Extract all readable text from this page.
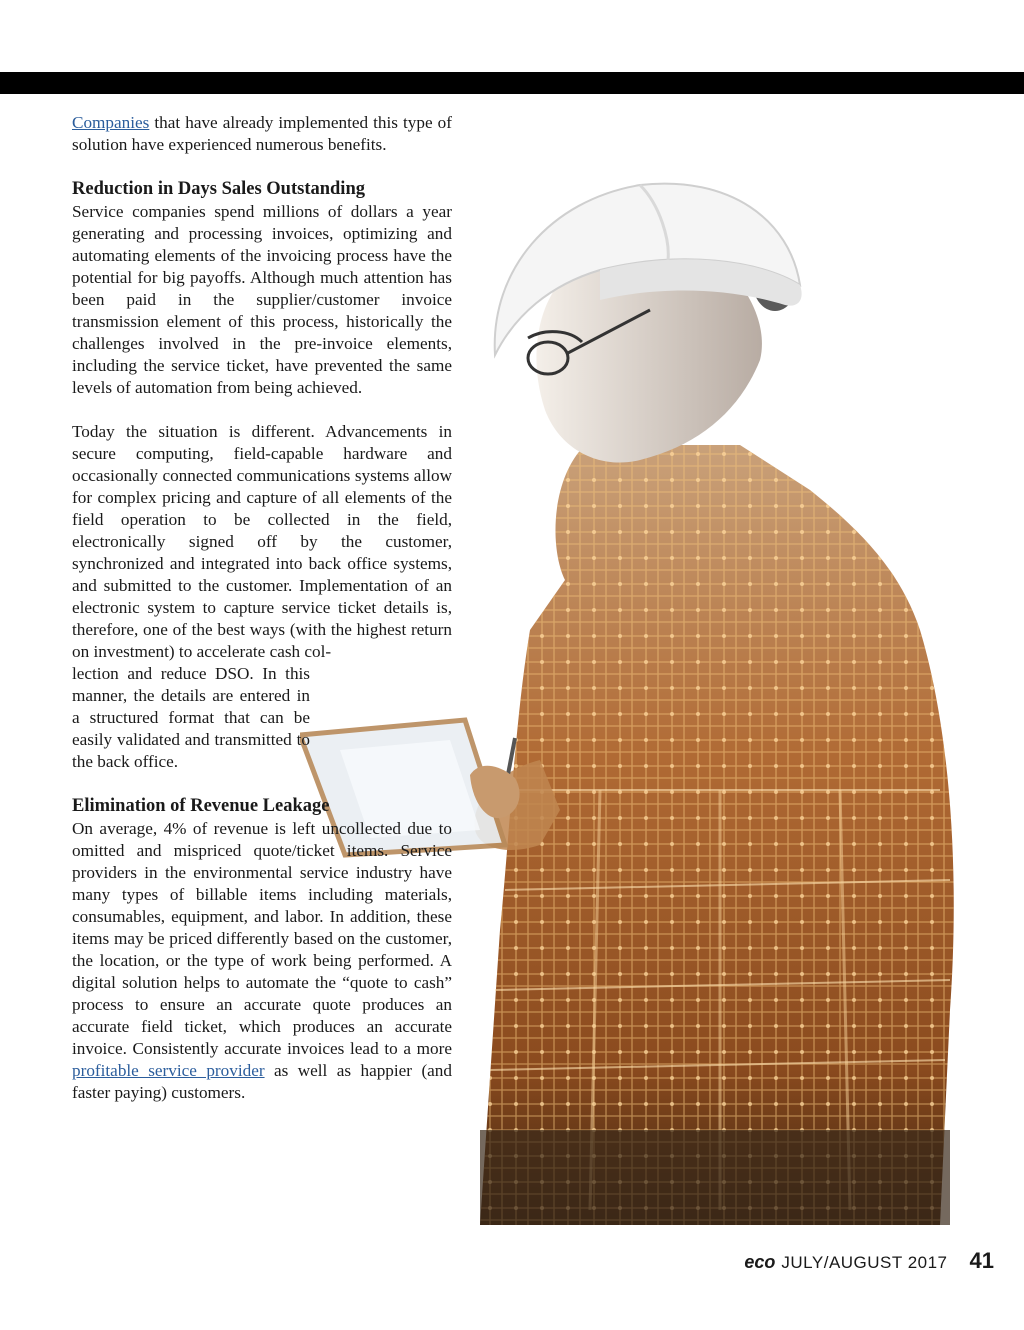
Companies that have already implemented this type of solution have experienced numerous benefits.

Reduction in Days Sales Outstanding

Service companies spend millions of dollars a year generating and processing invoices, optimizing and automating elements of the invoicing process have the potential for big payoffs. Although much attention has been paid in the supplier/customer invoice transmission element of this process, historically the challenges involved in the pre-invoice elements, including the service ticket, have prevented the same levels of automation from being achieved.

Today the situation is different. Advancements in secure computing, field-capable hardware and occasionally connected communications systems allow for complex pricing and capture of all elements of the field operation to be collected in the field, electronically signed off by the customer, synchronized and integrated into back office systems, and submitted to the customer. Implementation of an electronic system to capture service ticket details is, therefore, one of the best ways (with the highest return on investment) to accelerate cash col-

lection and reduce DSO. In this manner, the details are entered in a structured format that can be easily validated and transmitted to the back office.

Elimination of Revenue Leakage

On average, 4% of revenue is left uncollected due to omitted and mispriced quote/ticket items. Service providers in the environmental service industry have many types of billable items including materials, consumables, equipment, and labor. In addition, these items may be priced differently based on the customer, the location, or the type of work being performed. A digital solution helps to automate the “quote to cash” process to ensure an accurate quote produces an accurate field ticket, which produces an accurate invoice. Consistently accurate invoices lead to a more profitable service provider as well as happier (and faster paying) customers.

eco JULY/AUGUST 2017 41
